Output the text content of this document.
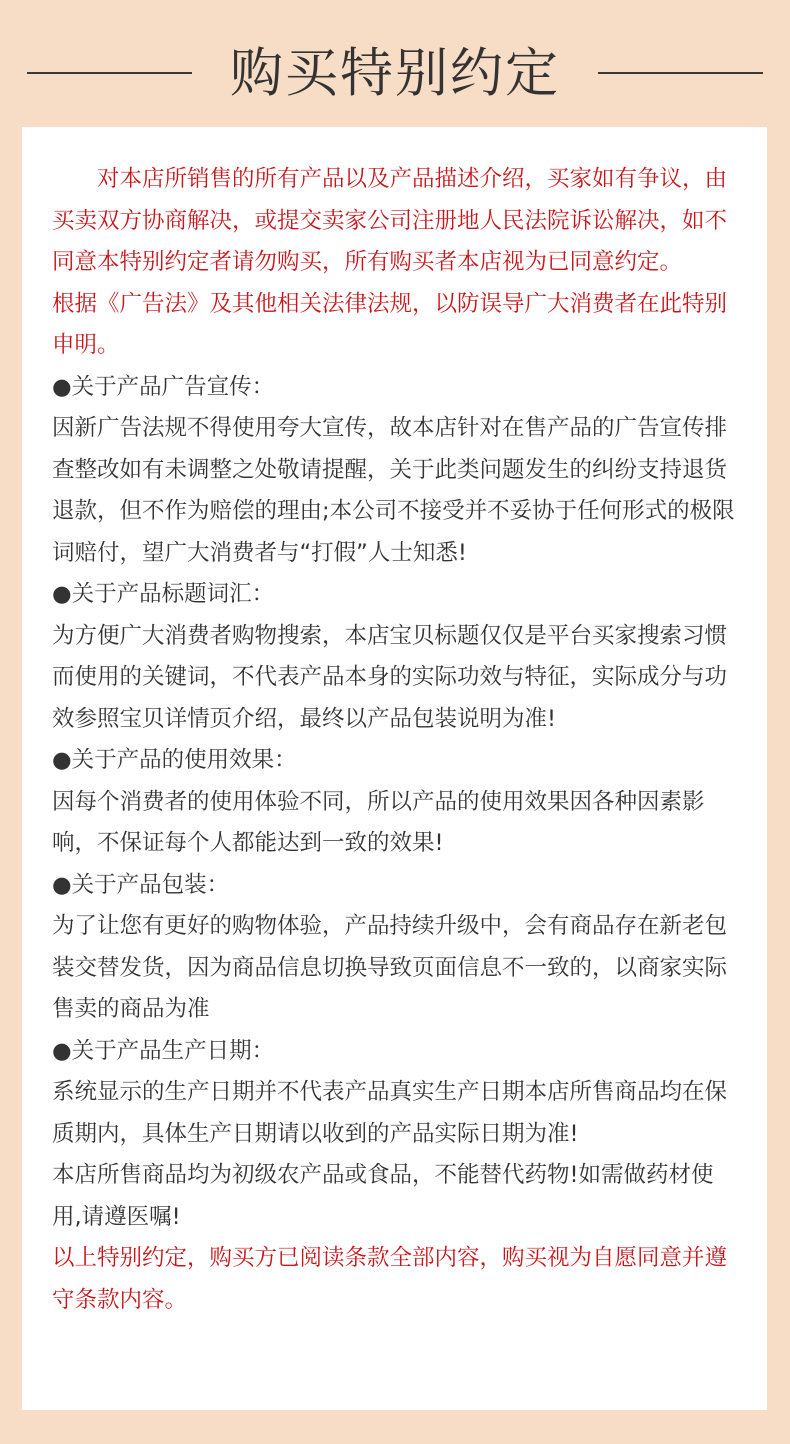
购买特别约定

对本店所销售的所有产品以及产品描述介绍，买家如有争议，由买卖双方协商解决，或提交卖家公司注册地人民法院诉讼解决，如不同意本特别约定者请勿购买，所有购买者本店视为已同意约定。

根据《广告法》及其他相关法律法规，以防误导广大消费者在此特别申明。

●关于产品广告宣传：

因新广告法规不得使用夸大宣传，故本店针对在售产品的广告宣传排查整改如有未调整之处敬请提醒，关于此类问题发生的纠纷支持退货退款，但不作为赔偿的理由;本公司不接受并不妥协于任何形式的极限词赔付，望广大消费者与“打假”人士知悉!

●关于产品标题词汇：

为方便广大消费者购物搜索，本店宝贝标题仅仅是平台买家搜索习惯而使用的关键词，不代表产品本身的实际功效与特征，实际成分与功效参照宝贝详情页介绍，最终以产品包装说明为准!

●关于产品的使用效果：

因每个消费者的使用体验不同，所以产品的使用效果因各种因素影响，不保证每个人都能达到一致的效果!

●关于产品包装：

为了让您有更好的购物体验，产品持续升级中，会有商品存在新老包装交替发货，因为商品信息切换导致页面信息不一致的，以商家实际售卖的商品为准

●关于产品生产日期：

系统显示的生产日期并不代表产品真实生产日期本店所售商品均在保质期内，具体生产日期请以收到的产品实际日期为准!

本店所售商品均为初级农产品或食品，不能替代药物!如需做药材使用,请遵医嘱!

以上特别约定，购买方已阅读条款全部内容，购买视为自愿同意并遵守条款内容。
